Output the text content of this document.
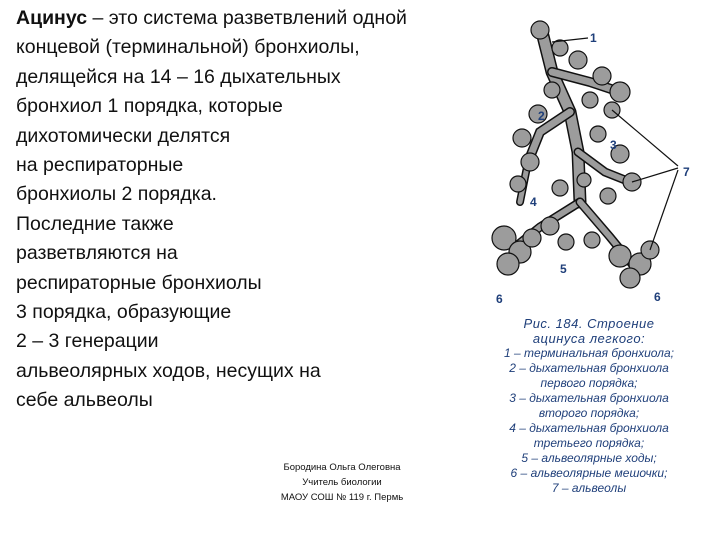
Ацинус – это система разветвлений одной
концевой (терминальной) бронхиолы,
делящейся на 14 – 16 дыхательных
бронхиол 1 порядка, которые
дихотомически делятся
на респираторные
бронхиолы 2 порядка.
Последние также
разветвляются на
респираторные бронхиолы
3 порядка, образующие
2 – 3 генерации
альвеолярных ходов, несущих на
себе альвеолы
Бородина Ольга Олеговна
Учитель биологии
МАОУ СОШ № 119 г. Пермь
1
2
3
4
5
6	6
7
Рис. 184. Строение
ацинуса легкого:
1 – терминальная бронхиола;
2 – дыхательная бронхиола
первого порядка;
3 – дыхательная бронхиола
второго порядка;
4 – дыхательная бронхиола
третьего порядка;
5 – альвеолярные ходы;
6 – альвеолярные мешочки;
7 – альвеолы
